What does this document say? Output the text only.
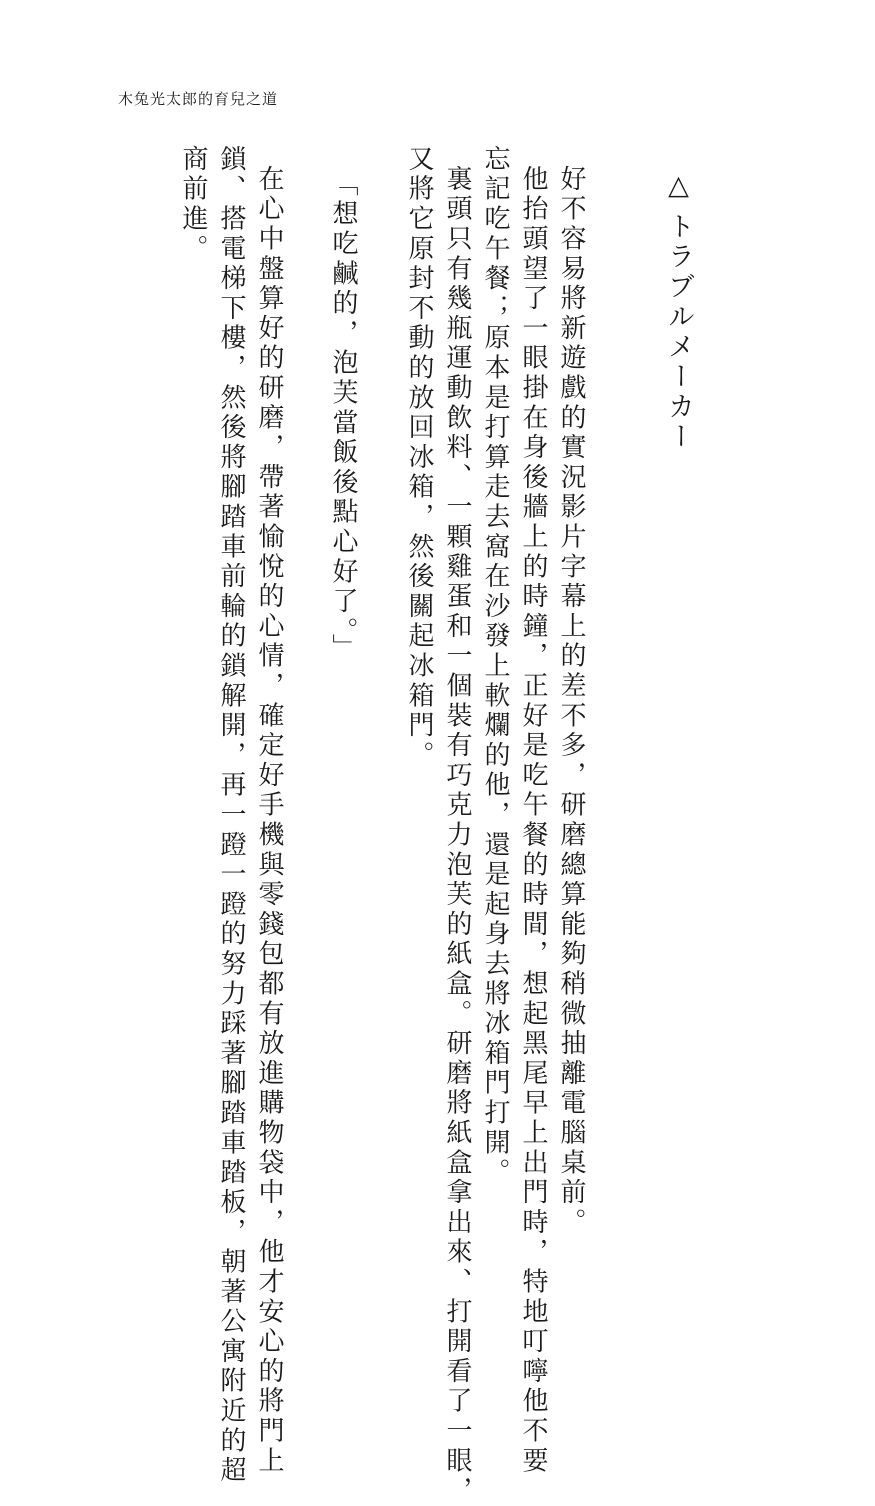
木兔光太郎的育兒之道
△トラブルメーカー
好不容易將新遊戲的實況影片字幕上的差不多，研磨總算能夠稍微抽離電腦桌前。
他抬頭望了一眼掛在身後牆上的時鐘，正好是吃午餐的時間，想起黑尾早上出門時，特地叮嚀他不要
忘記吃午餐；原本是打算走去窩在沙發上軟爛的他，還是起身去將冰箱門打開。
裏頭只有幾瓶運動飲料、一顆雞蛋和一個裝有巧克力泡芙的紙盒。研磨將紙盒拿出來、打開看了一眼，
又將它原封不動的放回冰箱，然後關起冰箱門。
「想吃鹹的，泡芙當飯後點心好了。」
在心中盤算好的研磨，帶著愉悅的心情，確定好手機與零錢包都有放進購物袋中，他才安心的將門上
鎖、搭電梯下樓，然後將腳踏車前輪的鎖解開，再一蹬一蹬的努力踩著腳踏車踏板，朝著公寓附近的超
商前進。
